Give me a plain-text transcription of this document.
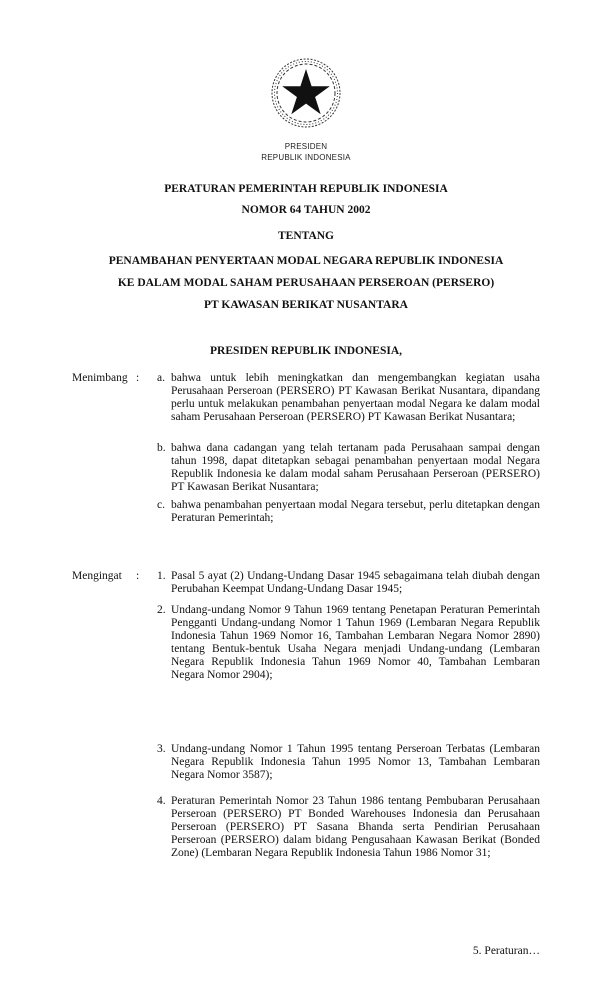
PRESIDEN
REPUBLIK INDONESIA
PERATURAN PEMERINTAH REPUBLIK INDONESIA
NOMOR 64 TAHUN 2002
TENTANG
PENAMBAHAN PENYERTAAN MODAL NEGARA REPUBLIK INDONESIA
KE DALAM MODAL SAHAM PERUSAHAAN PERSEROAN (PERSERO)
PT KAWASAN BERIKAT NUSANTARA
PRESIDEN REPUBLIK INDONESIA,
Menimbang : a. bahwa untuk lebih meningkatkan dan mengembangkan kegiatan usaha Perusahaan Perseroan (PERSERO) PT Kawasan Berikat Nusantara, dipandang perlu untuk melakukan penambahan penyertaan modal Negara ke dalam modal saham Perusahaan Perseroan (PERSERO) PT Kawasan Berikat Nusantara;
b. bahwa dana cadangan yang telah tertanam pada Perusahaan sampai dengan tahun 1998, dapat ditetapkan sebagai penambahan penyertaan modal Negara Republik Indonesia ke dalam modal saham Perusahaan Perseroan (PERSERO) PT Kawasan Berikat Nusantara;
c. bahwa penambahan penyertaan modal Negara tersebut, perlu ditetapkan dengan Peraturan Pemerintah;
Mengingat : 1. Pasal 5 ayat (2) Undang-Undang Dasar 1945 sebagaimana telah diubah dengan Perubahan Keempat Undang-Undang Dasar 1945;
2. Undang-undang Nomor 9 Tahun 1969 tentang Penetapan Peraturan Pemerintah Pengganti Undang-undang Nomor 1 Tahun 1969 (Lembaran Negara Republik Indonesia Tahun 1969 Nomor 16, Tambahan Lembaran Negara Nomor 2890) tentang Bentuk-bentuk Usaha Negara menjadi Undang-undang (Lembaran Negara Republik Indonesia Tahun 1969 Nomor 40, Tambahan Lembaran Negara Nomor 2904);
3. Undang-undang Nomor 1 Tahun 1995 tentang Perseroan Terbatas (Lembaran Negara Republik Indonesia Tahun 1995 Nomor 13, Tambahan Lembaran Negara Nomor 3587);
4. Peraturan Pemerintah Nomor 23 Tahun 1986 tentang Pembubaran Perusahaan Perseroan (PERSERO) PT Bonded Warehouses Indonesia dan Perusahaan Perseroan (PERSERO) PT Sasana Bhanda serta Pendirian Perusahaan Perseroan (PERSERO) dalam bidang Pengusahaan Kawasan Berikat (Bonded Zone) (Lembaran Negara Republik Indonesia Tahun 1986 Nomor 31;
5. Peraturan…
